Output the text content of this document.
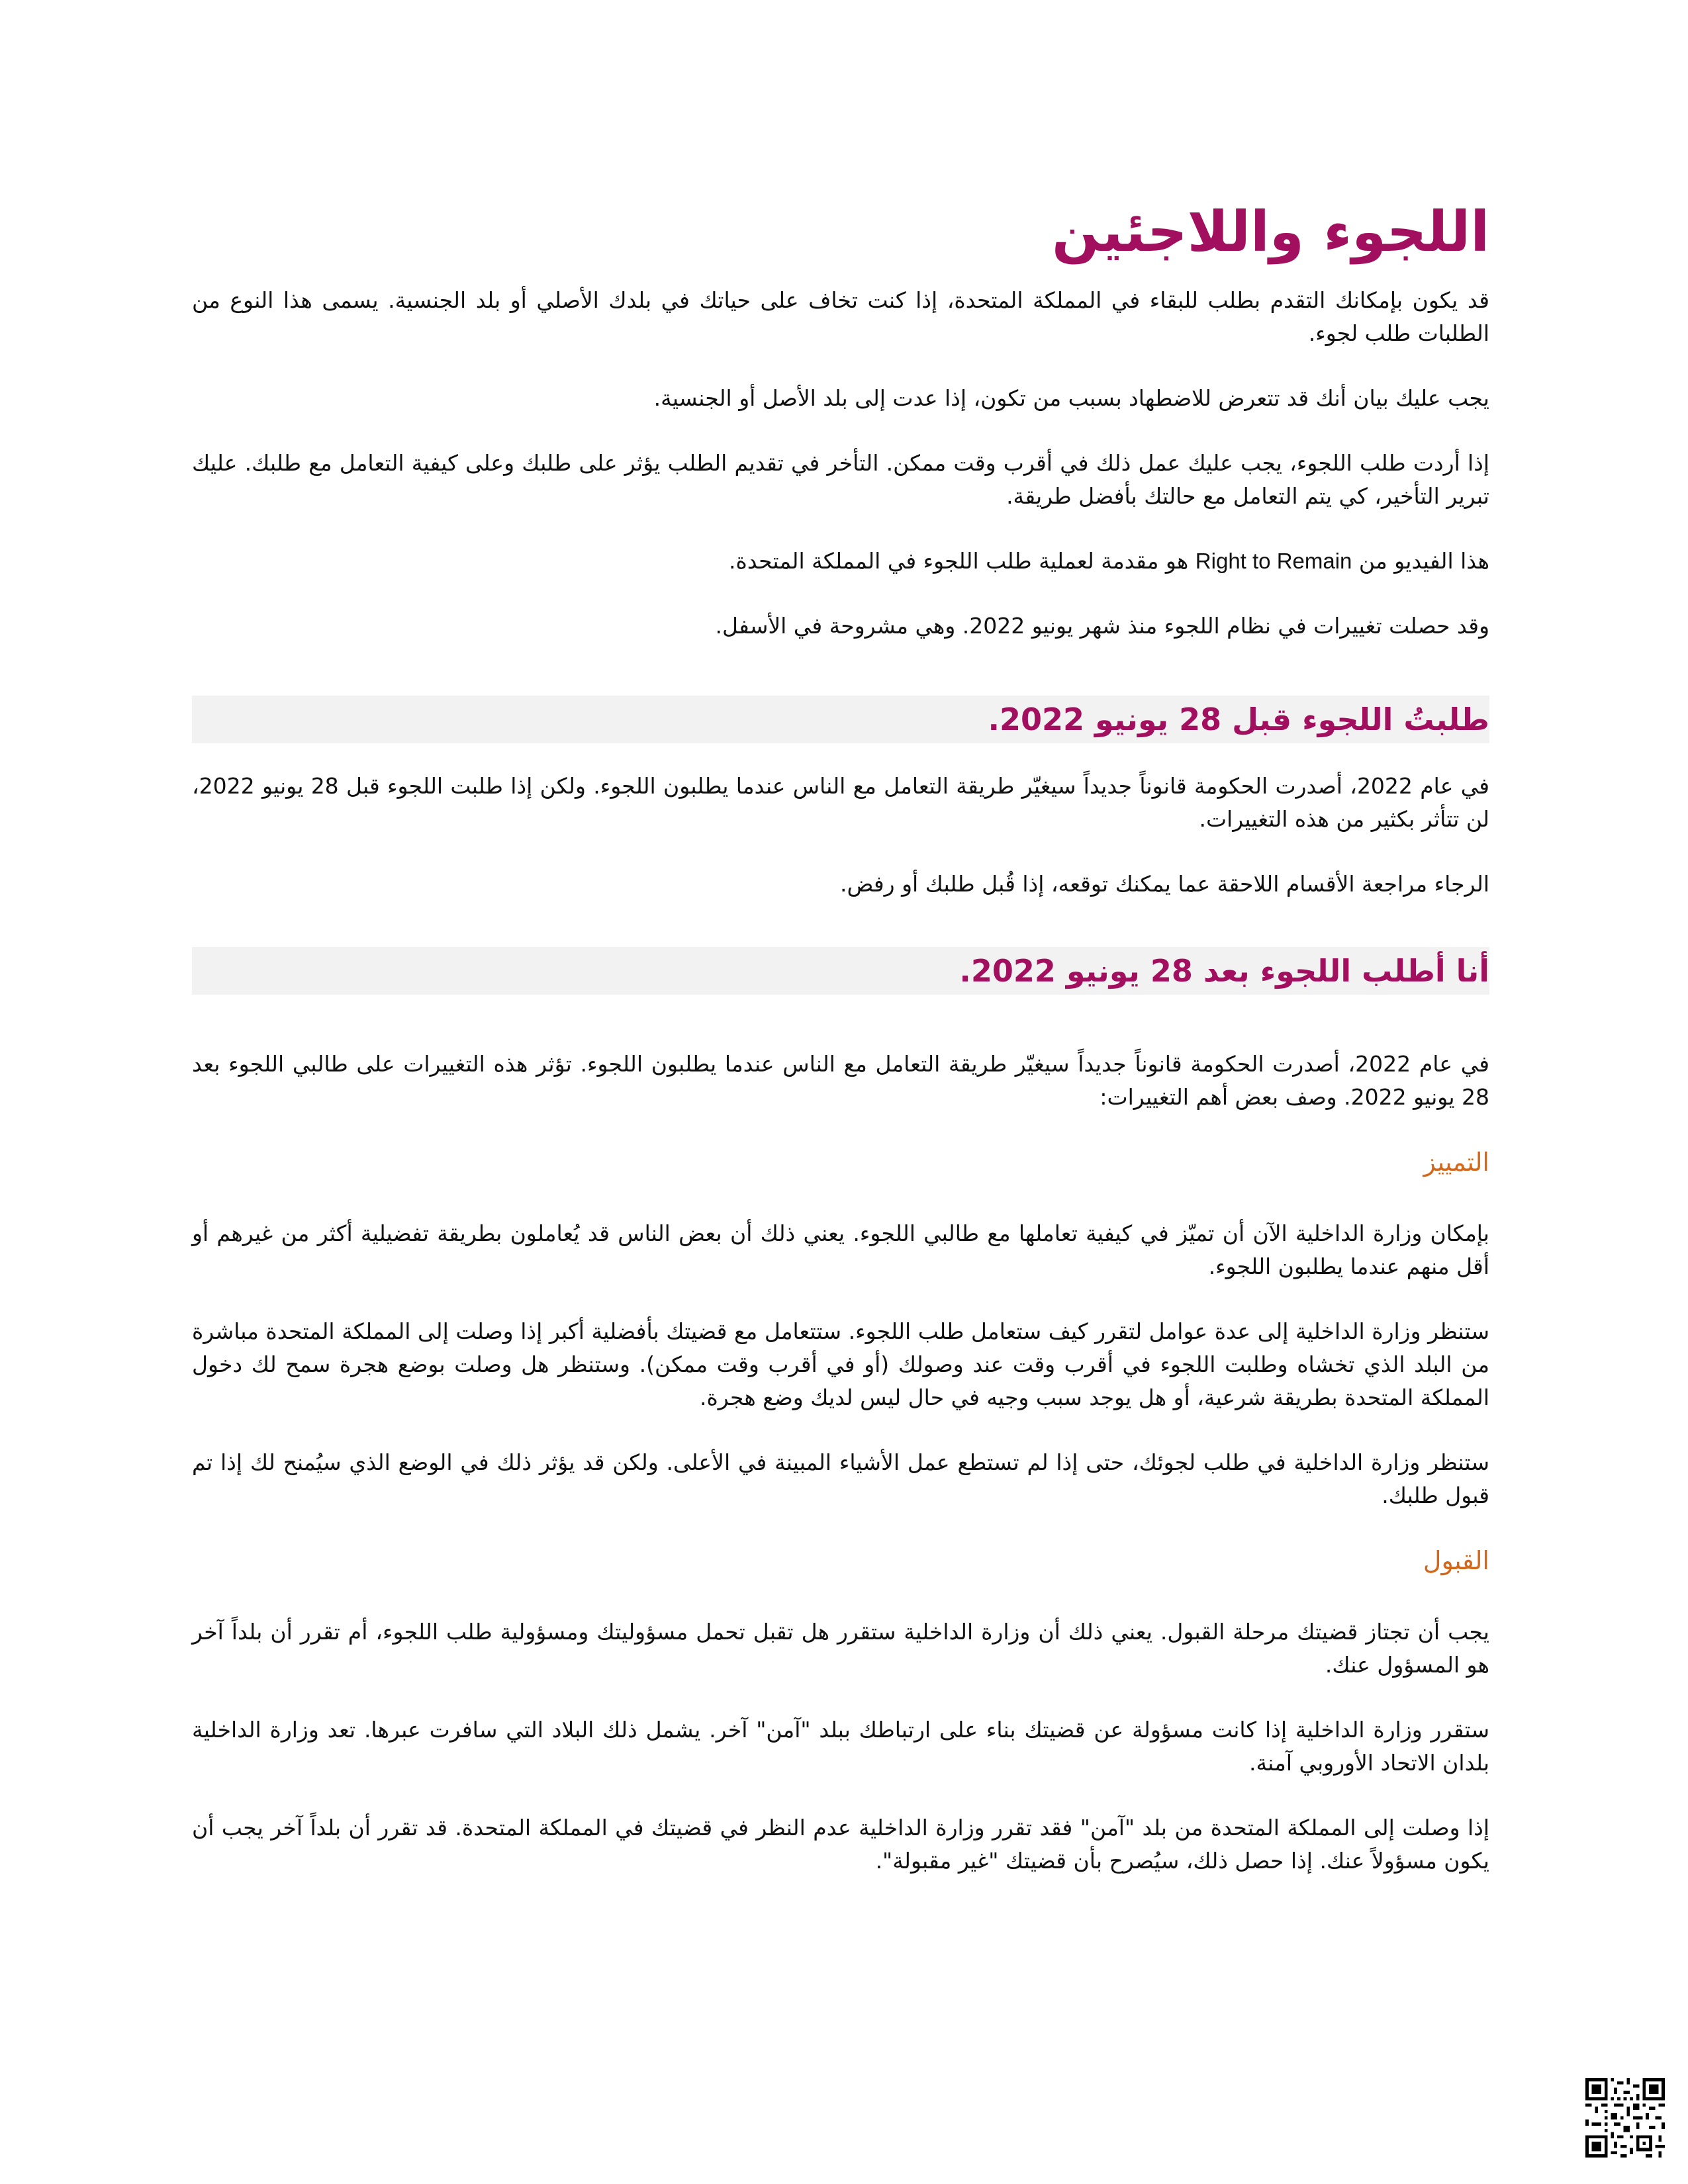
اللجوء واللاجئين

قد يكون بإمكانك التقدم بطلب للبقاء في المملكة المتحدة، إذا كنت تخاف على حياتك في بلدك الأصلي أو بلد الجنسية. يسمى هذا النوع من الطلبات طلب لجوء.

يجب عليك بيان أنك قد تتعرض للاضطهاد بسبب من تكون، إذا عدت إلى بلد الأصل أو الجنسية.

إذا أردت طلب اللجوء، يجب عليك عمل ذلك في أقرب وقت ممكن. التأخر في تقديم الطلب يؤثر على طلبك وعلى كيفية التعامل مع طلبك. عليك تبرير التأخير، كي يتم التعامل مع حالتك بأفضل طريقة.

هذا الفيديو من Right to Remain هو مقدمة لعملية طلب اللجوء في المملكة المتحدة.

وقد حصلت تغييرات في نظام اللجوء منذ شهر يونيو 2022. وهي مشروحة في الأسفل.

طلبتُ اللجوء قبل 28 يونيو 2022.

في عام 2022، أصدرت الحكومة قانوناً جديداً سيغيّر طريقة التعامل مع الناس عندما يطلبون اللجوء. ولكن إذا طلبت اللجوء قبل 28 يونيو 2022، لن تتأثر بكثير من هذه التغييرات.

الرجاء مراجعة الأقسام اللاحقة عما يمكنك توقعه، إذا قُبل طلبك أو رفض.

أنا أطلب اللجوء بعد 28 يونيو 2022.

في عام 2022، أصدرت الحكومة قانوناً جديداً سيغيّر طريقة التعامل مع الناس عندما يطلبون اللجوء. تؤثر هذه التغييرات على طالبي اللجوء بعد 28 يونيو 2022. وصف بعض أهم التغييرات:

التمييز

بإمكان وزارة الداخلية الآن أن تميّز في كيفية تعاملها مع طالبي اللجوء. يعني ذلك أن بعض الناس قد يُعاملون بطريقة تفضيلية أكثر من غيرهم أو أقل منهم عندما يطلبون اللجوء.

ستنظر وزارة الداخلية إلى عدة عوامل لتقرر كيف ستعامل طلب اللجوء. ستتعامل مع قضيتك بأفضلية أكبر إذا وصلت إلى المملكة المتحدة مباشرة من البلد الذي تخشاه وطلبت اللجوء في أقرب وقت عند وصولك (أو في أقرب وقت ممكن). وستنظر هل وصلت بوضع هجرة سمح لك دخول المملكة المتحدة بطريقة شرعية، أو هل يوجد سبب وجيه في حال ليس لديك وضع هجرة.

ستنظر وزارة الداخلية في طلب لجوئك، حتى إذا لم تستطع عمل الأشياء المبينة في الأعلى. ولكن قد يؤثر ذلك في الوضع الذي سيُمنح لك إذا تم قبول طلبك.

القبول

يجب أن تجتاز قضيتك مرحلة القبول. يعني ذلك أن وزارة الداخلية ستقرر هل تقبل تحمل مسؤوليتك ومسؤولية طلب اللجوء، أم تقرر أن بلداً آخر هو المسؤول عنك.

ستقرر وزارة الداخلية إذا كانت مسؤولة عن قضيتك بناء على ارتباطك ببلد "آمن" آخر. يشمل ذلك البلاد التي سافرت عبرها. تعد وزارة الداخلية بلدان الاتحاد الأوروبي آمنة.

إذا وصلت إلى المملكة المتحدة من بلد "آمن" فقد تقرر وزارة الداخلية عدم النظر في قضيتك في المملكة المتحدة. قد تقرر أن بلداً آخر يجب أن يكون مسؤولاً عنك. إذا حصل ذلك، سيُصرح بأن قضيتك "غير مقبولة".
